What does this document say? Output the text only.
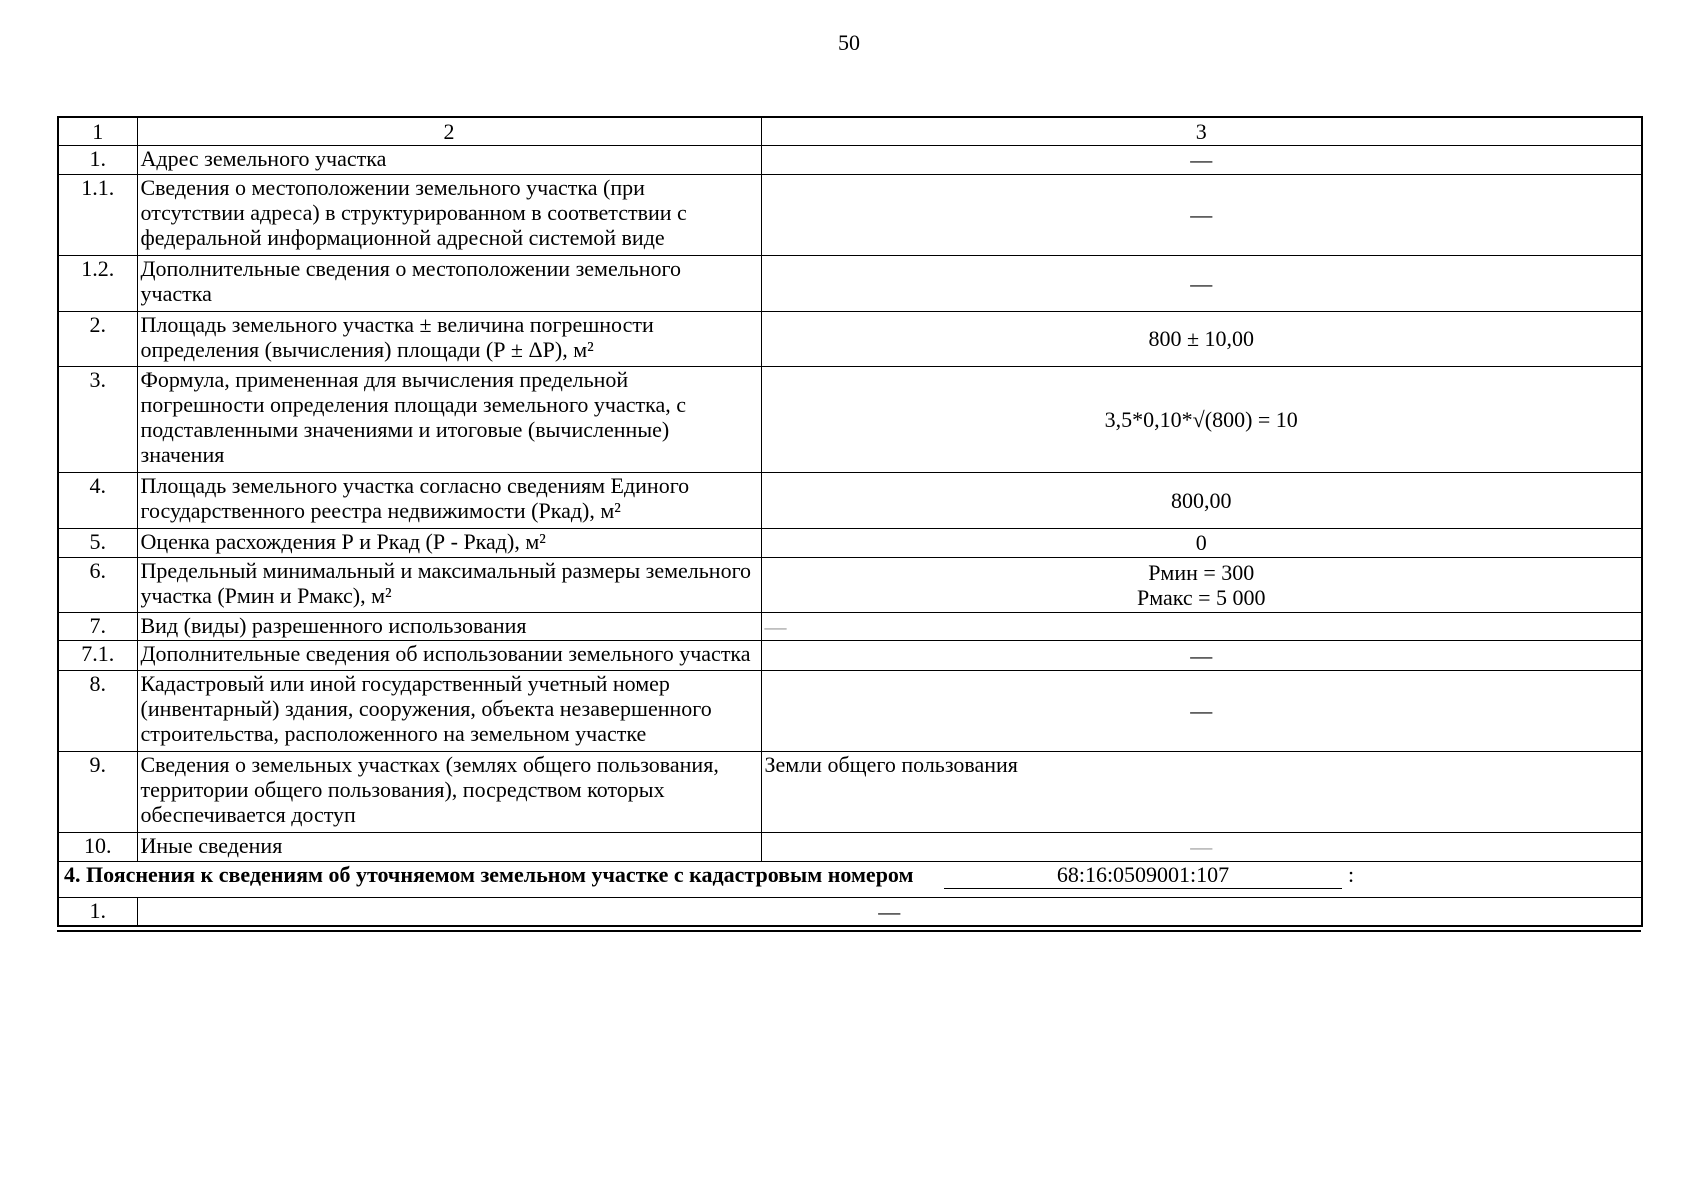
50
1	2	3
1.	Адрес земельного участка	—

1.1.	Сведения о местоположении земельного участка (при
отсутствии адреса) в структурированном в соответствии с
федеральной информационной адресной системой виде	—

1.2.	Дополнительные сведения о местоположении земельного
участка	—

2.	Площадь земельного участка ± величина погрешности
определения (вычисления) площади (Р ± ΔР), м²	800 ± 10,00

3.	Формула, примененная для вычисления предельной
погрешности определения площади земельного участка, с
подставленными значениями и итоговые (вычисленные)
значения	3,5*0,10*√(800) = 10

4.	Площадь земельного участка согласно сведениям Единого
государственного реестра недвижимости (Ркад), м²	800,00

5.	Оценка расхождения Р и Ркад (Р - Ркад), м²	0

6.	Предельный минимальный и максимальный размеры земельного
участка (Рмин и Рмакс), м²	Рмин = 300
Рмакс = 5 000

7.	Вид (виды) разрешенного использования	—

7.1.	Дополнительные сведения об использовании земельного участка	—

8.	Кадастровый или иной государственный учетный номер
(инвентарный) здания, сооружения, объекта незавершенного
строительства, расположенного на земельном участке	—

9.	Сведения о земельных участках (землях общего пользования,
территории общего пользования), посредством которых
обеспечивается доступ	Земли общего пользования

10.	Иные сведения	—

4. Пояснения к сведениям об уточняемом земельном участке с кадастровым номером 68:16:0509001:107 :		

1.	—	
